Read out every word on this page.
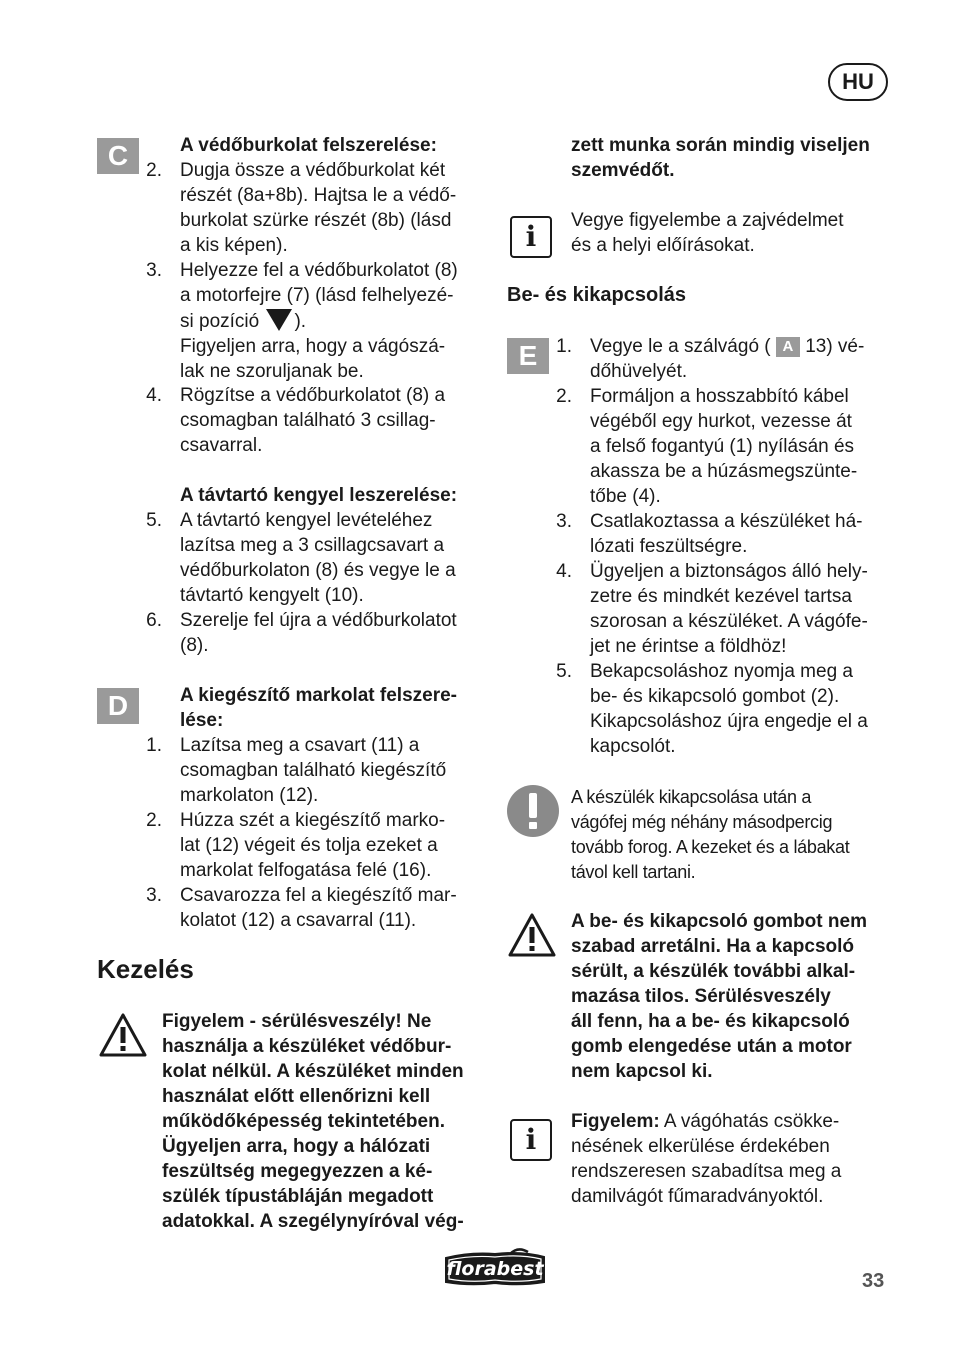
HU
C	A védőburkolat felszerelése:
2. Dugja össze a védőburkolat két
részét (8a+8b). Hajtsa le a védő-
burkolat szürke részét (8b) (lásd
a kis képen).
3. Helyezze fel a védőburkolatot (8)
a motorfejre (7) (lásd felhelyezé-
si pozíció ).
Figyeljen arra, hogy a vágószá-
lak ne szoruljanak be.
4. Rögzítse a védőburkolatot (8) a
csomagban található 3 csillag-
csavarral.
A távtartó kengyel leszerelése:
5. A távtartó kengyel levételéhez
lazítsa meg a 3 csillagcsavart a
védőburkolaton (8) és vegye le a
távtartó kengyelt (10).
6. Szerelje fel újra a védőburkolatot
(8).
D	A kiegészítő markolat felszere-
lése:
1. Lazítsa meg a csavart (11) a
csomagban található kiegészítő
markolaton (12).
2. Húzza szét a kiegészítő marko-
lat (12) végeit és tolja ezeket a
markolat felfogatása felé (16).
3. Csavarozza fel a kiegészítő mar-
kolatot (12) a csavarral (11).
Kezelés
Figyelem - sérülésveszély! Ne
használja a készüléket védőbur-
kolat nélkül. A készüléket minden
használat előtt ellenőrizni kell
működőképesség tekintetében.
Ügyeljen arra, hogy a hálózati
feszültség megegyezzen a ké-
szülék típustábláján megadott
adatokkal. A szegélynyíróval vég-
zett munka során mindig viseljen
szemvédőt.
i	Vegye figyelembe a zajvédelmet
és a helyi előírásokat.
Be- és kikapcsolás
E 1. Vegye le a szálvágó ( A 13) vé-
dőhüvelyét.
2. Formáljon a hosszabbító kábel
végéből egy hurkot, vezesse át
a felső fogantyú (1) nyílásán és
akassza be a húzásmegszünte-
tőbe (4).
3. Csatlakoztassa a készüléket há-
lózati feszültségre.
4. Ügyeljen a biztonságos álló hely-
zetre és mindkét kezével tartsa
szorosan a készüléket. A vágófe-
jet ne érintse a földhöz!
5. Bekapcsoláshoz nyomja meg a
be- és kikapcsoló gombot (2).
Kikapcsoláshoz újra engedje el a
kapcsolót.
A készülék kikapcsolása után a
vágófej még néhány másodpercig
tovább forog. A kezeket és a lábakat
távol kell tartani.
A be- és kikapcsoló gombot nem
szabad arretálni. Ha a kapcsoló
sérült, a készülék további alkal-
mazása tilos. Sérülésveszély
áll fenn, ha a be- és kikapcsoló
gomb elengedése után a motor
nem kapcsol ki.
i
Figyelem: A vágóhatás csökke-
nésének elkerülése érdekében
rendszeresen szabadítsa meg a
damilvágót fűmaradványoktól.
florabest
33
